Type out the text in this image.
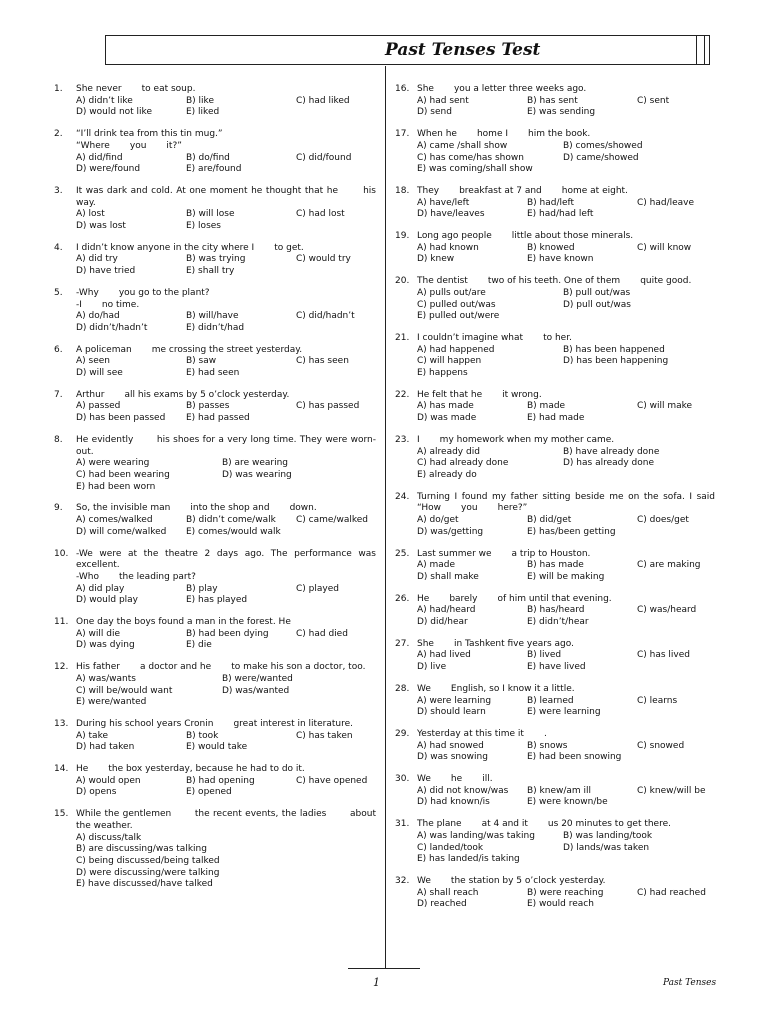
Past Tenses Test
1. She never       to eat soup.
A) didn’t like	B) like	C) had liked
D) would not like	E) liked
2. “I’ll drink tea from this tin mug.”
“Where       you       it?”
A) did/find	B) do/find	C) did/found
D) were/found	E) are/found
3. It was dark and cold. At one moment he thought that he       his way.
A) lost	B) will lose	C) had lost
D) was lost	E) loses
4. I didn’t know anyone in the city where I       to get.
A) did try	B) was trying	C) would try
D) have tried	E) shall try
5. -Why       you go to the plant?
-I       no time.
A) do/had	B) will/have	C) did/hadn’t
D) didn’t/hadn’t	E) didn’t/had
6. A policeman       me crossing the street yesterday.
A) seen	B) saw	C) has seen
D) will see	E) had seen
7. Arthur       all his exams by 5 o’clock yesterday.
A) passed	B) passes	C) has passed
D) has been passed	E) had passed
8. He evidently       his shoes for a very long time. They were worn-out.
A) were wearing	B) are wearing
C) had been wearing	D) was wearing
E) had been worn
9. So, the invisible man       into the shop and       down.
A) comes/walked	B) didn’t come/walk	C) came/walked
D) will come/walked	E) comes/would walk
10. -We were at the theatre 2 days ago. The performance was excellent.
-Who       the leading part?
A) did play	B) play	C) played
D) would play	E) has played
11. One day the boys found a man in the forest. He
A) will die	B) had been dying	C) had died
D) was dying	E) die
12. His father       a doctor and he       to make his son a doctor, too.
A) was/wants	B) were/wanted
C) will be/would want	D) was/wanted
E) were/wanted
13. During his school years Cronin       great interest in literature.
A) take	B) took	C) has taken
D) had taken	E) would take
14. He       the box yesterday, because he had to do it.
A) would open	B) had opening	C) have opened
D) opens	E) opened
15. While the gentlemen       the recent events, the ladies       about the weather.
A) discuss/talk
B) are discussing/was talking
C) being discussed/being talked
D) were discussing/were talking
E) have discussed/have talked
16. She       you a letter three weeks ago.
A) had sent	B) has sent	C) sent
D) send	E) was sending
17. When he       home I       him the book.
A) came /shall show	B) comes/showed
C) has come/has shown	D) came/showed
E) was coming/shall show
18. They       breakfast at 7 and       home at eight.
A) have/left	B) had/left	C) had/leave
D) have/leaves	E) had/had left
19. Long ago people       little about those minerals.
A) had known	B) knowed	C) will know
D) knew	E) have known
20. The dentist       two of his teeth. One of them       quite good.
A) pulls out/are	B) pull out/was
C) pulled out/was	D) pull out/was
E) pulled out/were
21. I couldn’t imagine what       to her.
A) had happened	B) has been happened
C) will happen	D) has been happening
E) happens
22. He felt that he       it wrong.
A) has made	B) made	C) will make
D) was made	E) had made
23. I       my homework when my mother came.
A) already did	B) have already done
C) had already done	D) has already done
E) already do
24. Turning I found my father sitting beside me on the sofa. I said “How       you       here?”
A) do/get	B) did/get	C) does/get
D) was/getting	E) has/been getting
25. Last summer we       a trip to Houston.
A) made	B) has made	C) are making
D) shall make	E) will be making
26. He       barely       of him until that evening.
A) had/heard	B) has/heard	C) was/heard
D) did/hear	E) didn’t/hear
27. She       in Tashkent five years ago.
A) had lived	B) lived	C) has lived
D) live	E) have lived
28. We       English, so I know it a little.
A) were learning	B) learned	C) learns
D) should learn	E) were learning
29. Yesterday at this time it       .
A) had snowed	B) snows	C) snowed
D) was snowing	E) had been snowing
30. We       he       ill.
A) did not know/was	B) knew/am ill	C) knew/will be
D) had known/is	E) were known/be
31. The plane       at 4 and it       us 20 minutes to get there.
A) was landing/was taking	B) was landing/took
C) landed/took	D) lands/was taken
E) has landed/is taking
32. We       the station by 5 o’clock yesterday.
A) shall reach	B) were reaching	C) had reached
D) reached	E) would reach
1	Past Tenses
